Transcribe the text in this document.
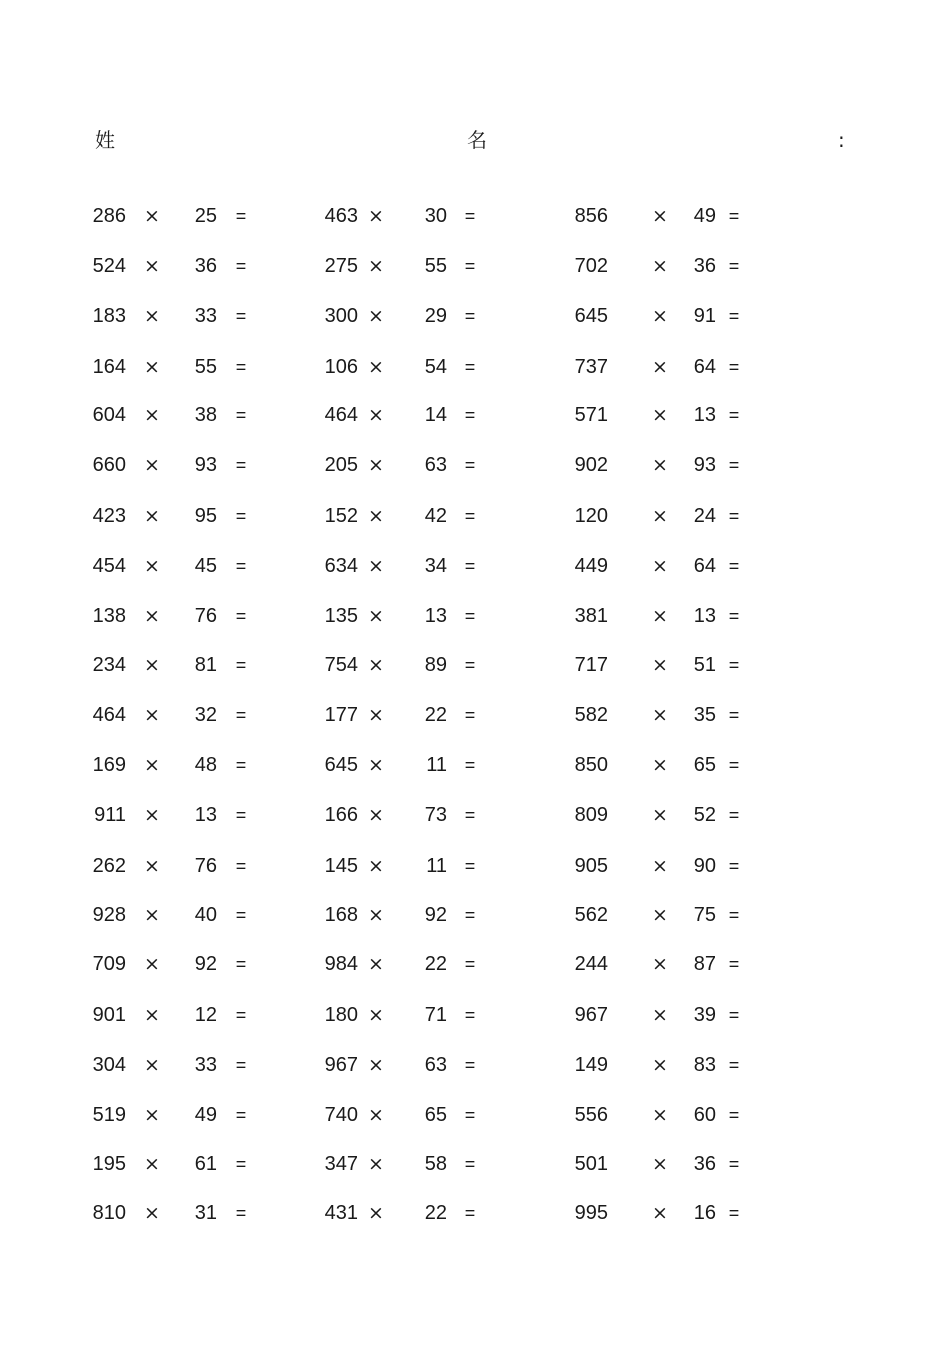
姓	名	:
286 × 25 =	463 × 30 =	856 × 49 =
524 × 36 =	275 × 55 =	702 × 36 =
183 × 33 =	300 × 29 =	645 × 91 =
164 × 55 =	106 × 54 =	737 × 64 =
604 × 38 =	464 × 14 =	571 × 13 =
660 × 93 =	205 × 63 =	902 × 93 =
423 × 95 =	152 × 42 =	120 × 24 =
454 × 45 =	634 × 34 =	449 × 64 =
138 × 76 =	135 × 13 =	381 × 13 =
234 × 81 =	754 × 89 =	717 × 51 =
464 × 32 =	177 × 22 =	582 × 35 =
169 × 48 =	645 × 11 =	850 × 65 =
911 × 13 =	166 × 73 =	809 × 52 =
262 × 76 =	145 × 11 =	905 × 90 =
928 × 40 =	168 × 92 =	562 × 75 =
709 × 92 =	984 × 22 =	244 × 87 =
901 × 12 =	180 × 71 =	967 × 39 =
304 × 33 =	967 × 63 =	149 × 83 =
519 × 49 =	740 × 65 =	556 × 60 =
195 × 61 =	347 × 58 =	501 × 36 =
810 × 31 =	431 × 22 =	995 × 16 =
